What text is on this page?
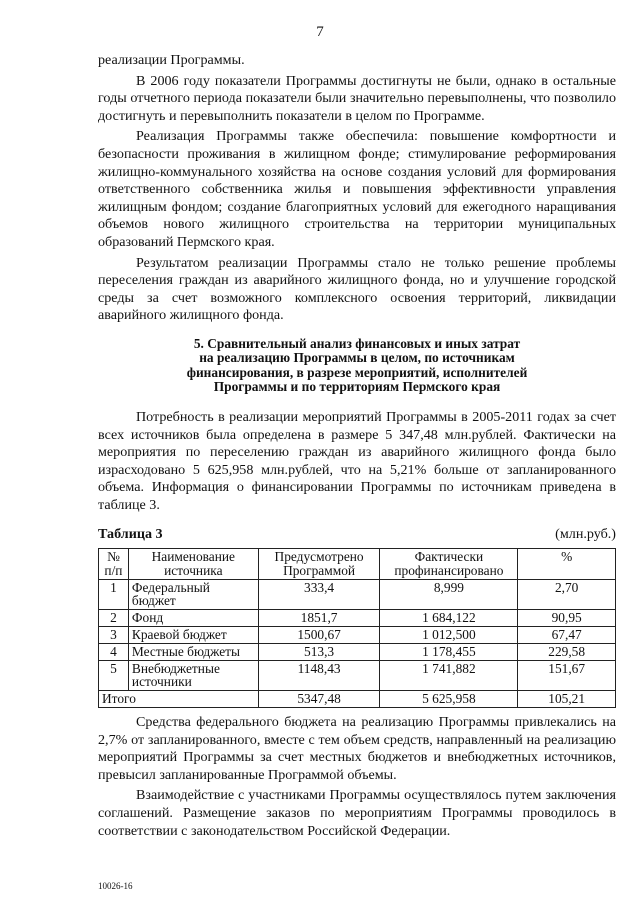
7

реализации Программы.

В 2006 году показатели Программы достигнуты не были, однако в остальные годы отчетного периода показатели были значительно перевыполнены, что позволило достигнуть и перевыполнить показатели в целом по Программе.

Реализация Программы также обеспечила: повышение комфортности и безопасности проживания в жилищном фонде; стимулирование реформирования жилищно-коммунального хозяйства на основе создания условий для формирования ответственного собственника жилья и повышения эффективности управления жилищным фондом; создание благоприятных условий для ежегодного наращивания объемов нового жилищного строительства на территории муниципальных образований Пермского края.

Результатом реализации Программы стало не только решение проблемы переселения граждан из аварийного жилищного фонда, но и улучшение городской среды за счет возможного комплексного освоения территорий, ликвидации аварийного жилищного фонда.

5. Сравнительный анализ финансовых и иных затрат
на реализацию Программы в целом, по источникам
финансирования, в разрезе мероприятий, исполнителей
Программы и по территориям Пермского края

Потребность в реализации мероприятий Программы в 2005-2011 годах за счет всех источников была определена в размере 5 347,48 млн.рублей. Фактически на мероприятия по переселению граждан из аварийного жилищного фонда было израсходовано 5 625,958 млн.рублей, что на 5,21% больше от запланированного объема. Информация о финансировании Программы по источникам приведена в таблице 3.

Таблица 3	(млн.руб.)
№ п/п	Наименование источника	Предусмотрено Программой	Фактически профинансировано	%
1	Федеральный бюджет	333,4	8,999	2,70
2	Фонд	1851,7	1 684,122	90,95
3	Краевой бюджет	1500,67	1 012,500	67,47
4	Местные бюджеты	513,3	1 178,455	229,58
5	Внебюджетные источники	1148,43	1 741,882	151,67
Итого		5347,48	5 625,958	105,21

Средства федерального бюджета на реализацию Программы привлекались на 2,7% от запланированного, вместе с тем объем средств, направленный на реализацию мероприятий Программы за счет местных бюджетов и внебюджетных источников, превысил запланированные Программой объемы.

Взаимодействие с участниками Программы осуществлялось путем заключения соглашений. Размещение заказов по мероприятиям Программы проводилось в соответствии с законодательством Российской Федерации.

10026-16
